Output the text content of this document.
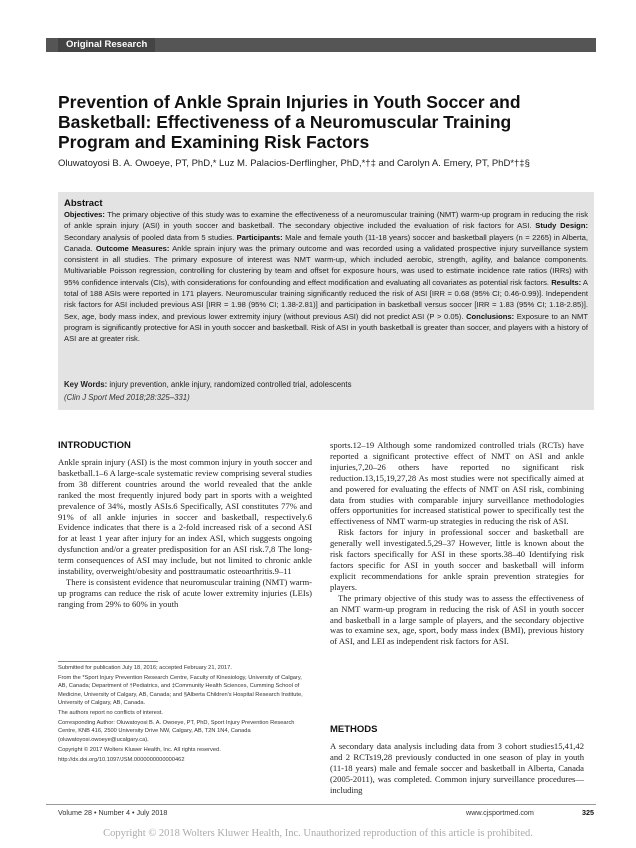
Original Research
Prevention of Ankle Sprain Injuries in Youth Soccer and Basketball: Effectiveness of a Neuromuscular Training Program and Examining Risk Factors
Oluwatoyosi B. A. Owoeye, PT, PhD,* Luz M. Palacios-Derflingher, PhD,*†‡ and Carolyn A. Emery, PT, PhD*†‡§
Abstract
Objectives: The primary objective of this study was to examine the effectiveness of a neuromuscular training (NMT) warm-up program in reducing the risk of ankle sprain injury (ASI) in youth soccer and basketball. The secondary objective included the evaluation of risk factors for ASI. Study Design: Secondary analysis of pooled data from 5 studies. Participants: Male and female youth (11-18 years) soccer and basketball players (n = 2265) in Alberta, Canada. Outcome Measures: Ankle sprain injury was the primary outcome and was recorded using a validated prospective injury surveillance system consistent in all studies. The primary exposure of interest was NMT warm-up, which included aerobic, strength, agility, and balance components. Multivariable Poisson regression, controlling for clustering by team and offset for exposure hours, was used to estimate incidence rate ratios (IRRs) with 95% confidence intervals (CIs), with considerations for confounding and effect modification and evaluating all covariates as potential risk factors. Results: A total of 188 ASIs were reported in 171 players. Neuromuscular training significantly reduced the risk of ASI [IRR = 0.68 (95% CI; 0.46-0.99)]. Independent risk factors for ASI included previous ASI [IRR = 1.98 (95% CI; 1.38-2.81)] and participation in basketball versus soccer [IRR = 1.83 (95% CI; 1.18-2.85)]. Sex, age, body mass index, and previous lower extremity injury (without previous ASI) did not predict ASI (P > 0.05). Conclusions: Exposure to an NMT program is significantly protective for ASI in youth soccer and basketball. Risk of ASI in youth basketball is greater than soccer, and players with a history of ASI are at greater risk.
Key Words: injury prevention, ankle injury, randomized controlled trial, adolescents
(Clin J Sport Med 2018;28:325–331)
INTRODUCTION

Ankle sprain injury (ASI) is the most common injury in youth soccer and basketball.1–6 A large-scale systematic review comprising several studies from 38 different countries around the world revealed that the ankle ranked the most frequently injured body part in sports with a weighted prevalence of 34%, mostly ASIs.6 Specifically, ASI constitutes 77% and 91% of all ankle injuries in soccer and basketball, respectively.6 Evidence indicates that there is a 2-fold increased risk of a second ASI for at least 1 year after injury for an index ASI, which suggests ongoing dysfunction and/or a greater predisposition for an ASI risk.7,8 The long-term consequences of ASI may include, but not limited to chronic ankle instability, overweight/obesity and posttraumatic osteoarthritis.9–11

There is consistent evidence that neuromuscular training (NMT) warm-up programs can reduce the risk of acute lower extremity injuries (LEIs) ranging from 29% to 60% in youth

Submitted for publication July 18, 2016; accepted February 21, 2017.
From the *Sport Injury Prevention Research Centre, Faculty of Kinesiology, University of Calgary, AB, Canada; Department of †Pediatrics, and ‡Community Health Sciences, Cumming School of Medicine, University of Calgary, AB, Canada; and §Alberta Children's Hospital Research Institute, University of Calgary, AB, Canada.
The authors report no conflicts of interest.
Corresponding Author: Oluwatoyosi B. A. Owoeye, PT, PhD, Sport Injury Prevention Research Centre, KNB 416, 2500 University Drive NW, Calgary, AB, T2N 1N4, Canada (oluwatoyosi.owoeye@ucalgary.ca).
Copyright © 2017 Wolters Kluwer Health, Inc. All rights reserved.
http://dx.doi.org/10.1097/JSM.0000000000000462

sports.12–19 Although some randomized controlled trials (RCTs) have reported a significant protective effect of NMT on ASI and ankle injuries,7,20–26 others have reported no significant risk reduction.13,15,19,27,28 As most studies were not specifically aimed at and powered for evaluating the effects of NMT on ASI risk, combining data from studies with comparable injury surveillance methodologies offers opportunities for increased statistical power to specifically test the effectiveness of NMT warm-up strategies in reducing the risk of ASI.

Risk factors for injury in professional soccer and basketball are generally well investigated.5,29–37 However, little is known about the risk factors specifically for ASI in these sports.38–40 Identifying risk factors specific for ASI in youth soccer and basketball will inform explicit recommendations for ankle sprain prevention strategies for players.

The primary objective of this study was to assess the effectiveness of an NMT warm-up program in reducing the risk of ASI in youth soccer and basketball in a large sample of players, and the secondary objective was to examine sex, age, sport, body mass index (BMI), previous history of ASI, and LEI as independent risk factors for ASI.

METHODS

A secondary data analysis including data from 3 cohort studies15,41,42 and 2 RCTs19,28 previously conducted in one season of play in youth (11-18 years) male and female soccer and basketball in Alberta, Canada (2005-2011), was completed. Common injury surveillance procedures—including

Volume 28 • Number 4 • July 2018	www.cjsportmed.com	325
Copyright © 2018 Wolters Kluwer Health, Inc. Unauthorized reproduction of this article is prohibited.
